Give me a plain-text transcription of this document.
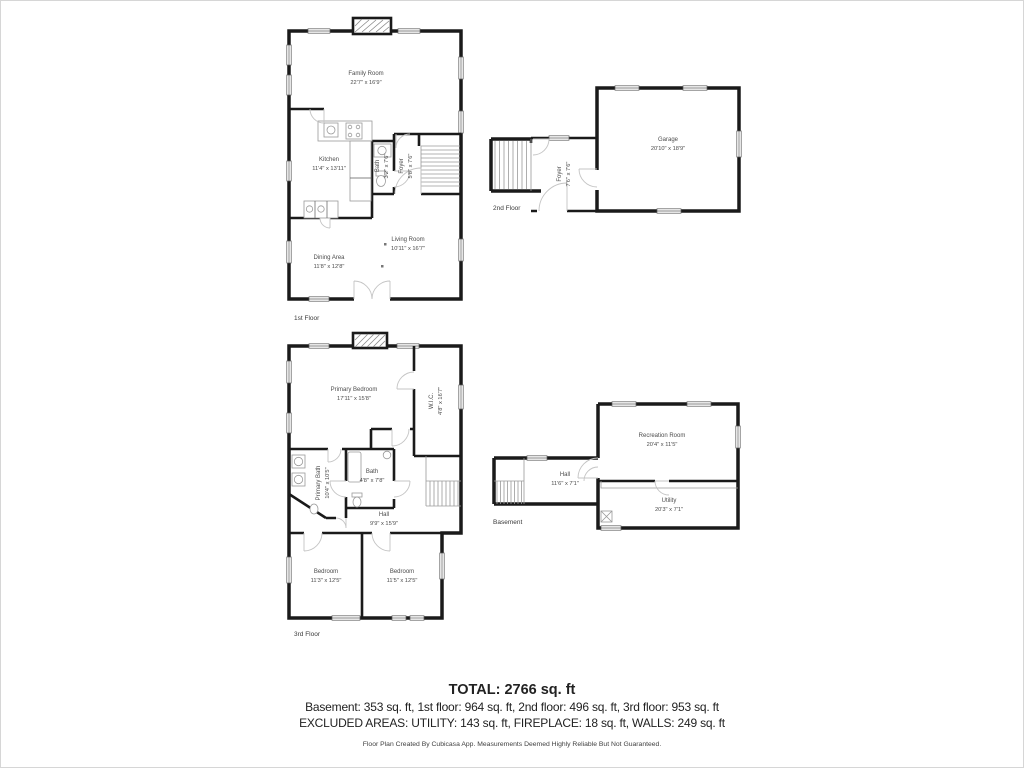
Family Room
22'7" x 16'9"
Kitchen
11'4" x 13'11"	Bath 3'2" x 7'6" Foyer 5'8" x 7'6"
Living Room
10'11" x 16'7"
Dining Area
11'8" x 12'8"
1st Floor
Foyer 7'6" x 7'6"
Garage
20'10" x 18'9"
2nd Floor
Primary Bedroom
17'11" x 15'8"	W.I.C. 4'8" x 16'7"
Primary Bath 10'4" x 10'5"	Bath
4'8" x 7'8"
Hall
9'9" x 15'9"
Bedroom
11'3" x 12'5"
Bedroom
11'5" x 12'5"
3rd Floor
Hall
11'6" x 7'1"
Recreation Room
20'4" x 11'5"
Utility
20'3" x 7'1"
Basement
TOTAL: 2766 sq. ft
Basement: 353 sq. ft, 1st floor: 964 sq. ft, 2nd floor: 496 sq. ft, 3rd floor: 953 sq. ft
EXCLUDED AREAS: UTILITY: 143 sq. ft, FIREPLACE: 18 sq. ft, WALLS: 249 sq. ft
Floor Plan Created By Cubicasa App. Measurements Deemed Highly Reliable But Not Guaranteed.
